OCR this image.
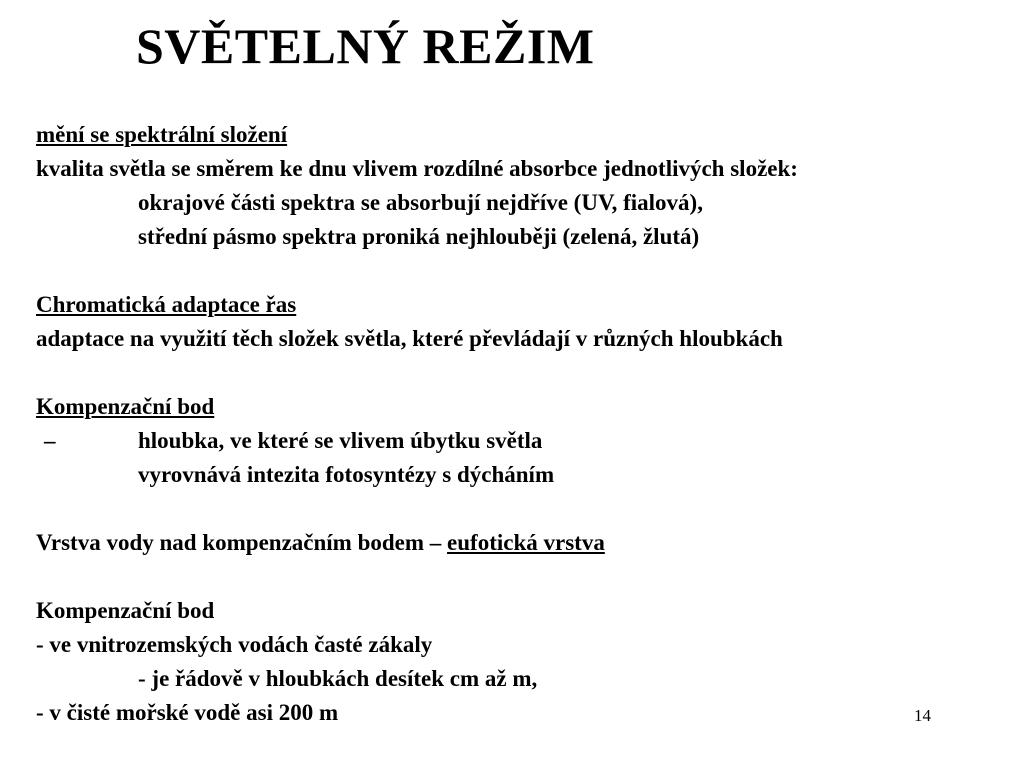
SVĚTELNÝ REŽIM
mění se spektrální složení
kvalita světla se směrem ke dnu vlivem rozdílné absorbce jednotlivých složek:
okrajové části spektra se absorbují nejdříve (UV, fialová),
střední pásmo spektra proniká nejhlouběji (zelená, žlutá)
Chromatická adaptace řas
adaptace na využití těch složek světla, které převládají v různých hloubkách
Kompenzační bod
–	hloubka, ve které se vlivem úbytku světla
vyrovnává intezita fotosyntézy s dýcháním
Vrstva vody nad kompenzačním bodem – eufotická vrstva
Kompenzační bod
- ve vnitrozemských vodách časté zákaly
- je řádově v hloubkách desítek cm až m,
- v čisté mořské vodě asi 200 m	14
